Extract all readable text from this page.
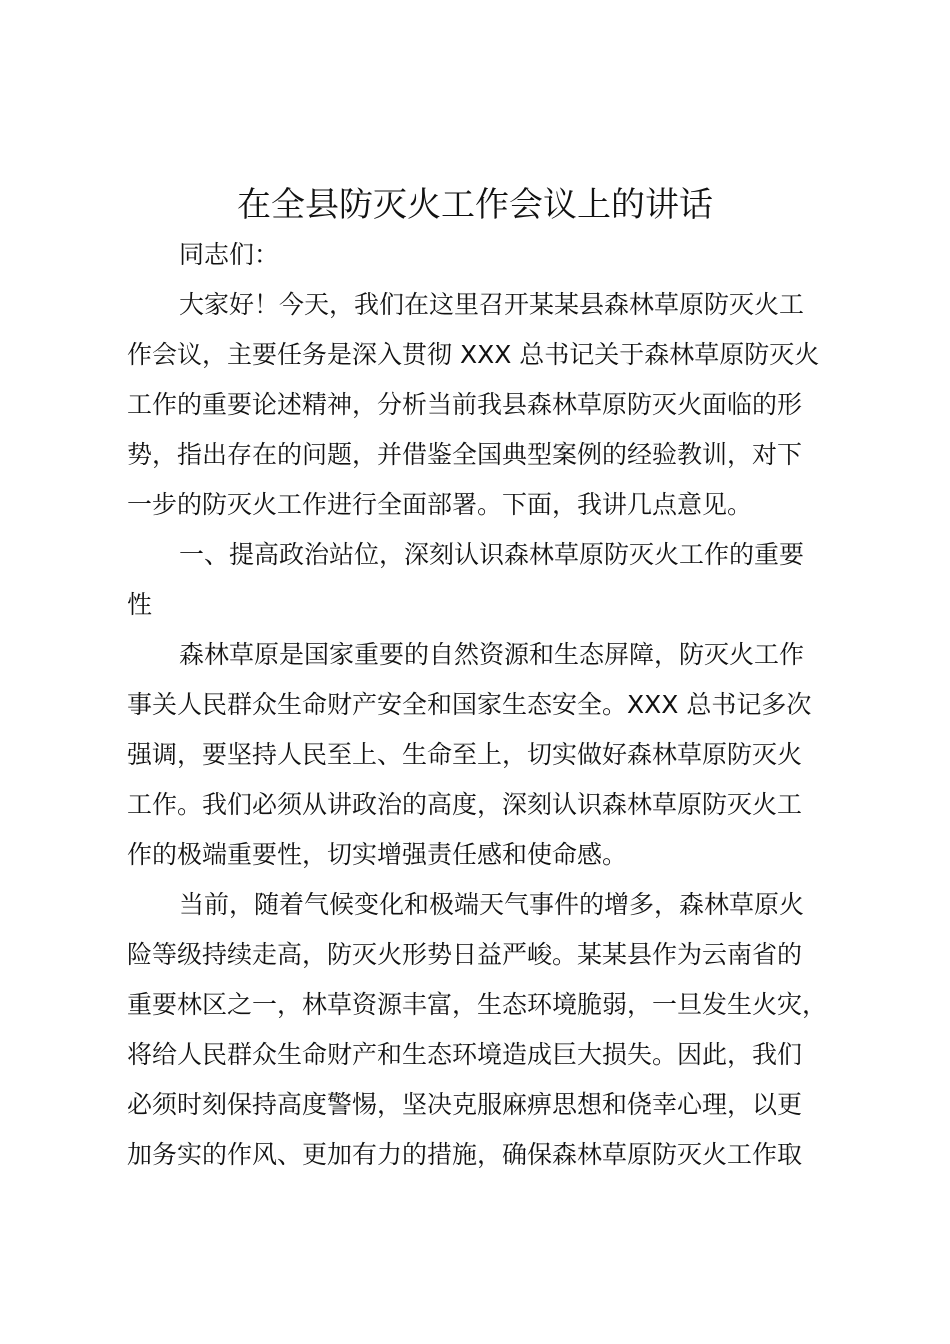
在全县防灭火工作会议上的讲话

同志们：

大家好！今天，我们在这里召开某某县森林草原防灭火工

作会议，主要任务是深入贯彻 XXX 总书记关于森林草原防灭火

工作的重要论述精神，分析当前我县森林草原防灭火面临的形

势，指出存在的问题，并借鉴全国典型案例的经验教训，对下

一步的防灭火工作进行全面部署。下面，我讲几点意见。

一、提高政治站位，深刻认识森林草原防灭火工作的重要

性

森林草原是国家重要的自然资源和生态屏障，防灭火工作

事关人民群众生命财产安全和国家生态安全。XXX 总书记多次

强调，要坚持人民至上、生命至上，切实做好森林草原防灭火

工作。我们必须从讲政治的高度，深刻认识森林草原防灭火工

作的极端重要性，切实增强责任感和使命感。

当前，随着气候变化和极端天气事件的增多，森林草原火

险等级持续走高，防灭火形势日益严峻。某某县作为云南省的

重要林区之一，林草资源丰富，生态环境脆弱，一旦发生火灾，

将给人民群众生命财产和生态环境造成巨大损失。因此，我们

必须时刻保持高度警惕，坚决克服麻痹思想和侥幸心理，以更

加务实的作风、更加有力的措施，确保森林草原防灭火工作取
